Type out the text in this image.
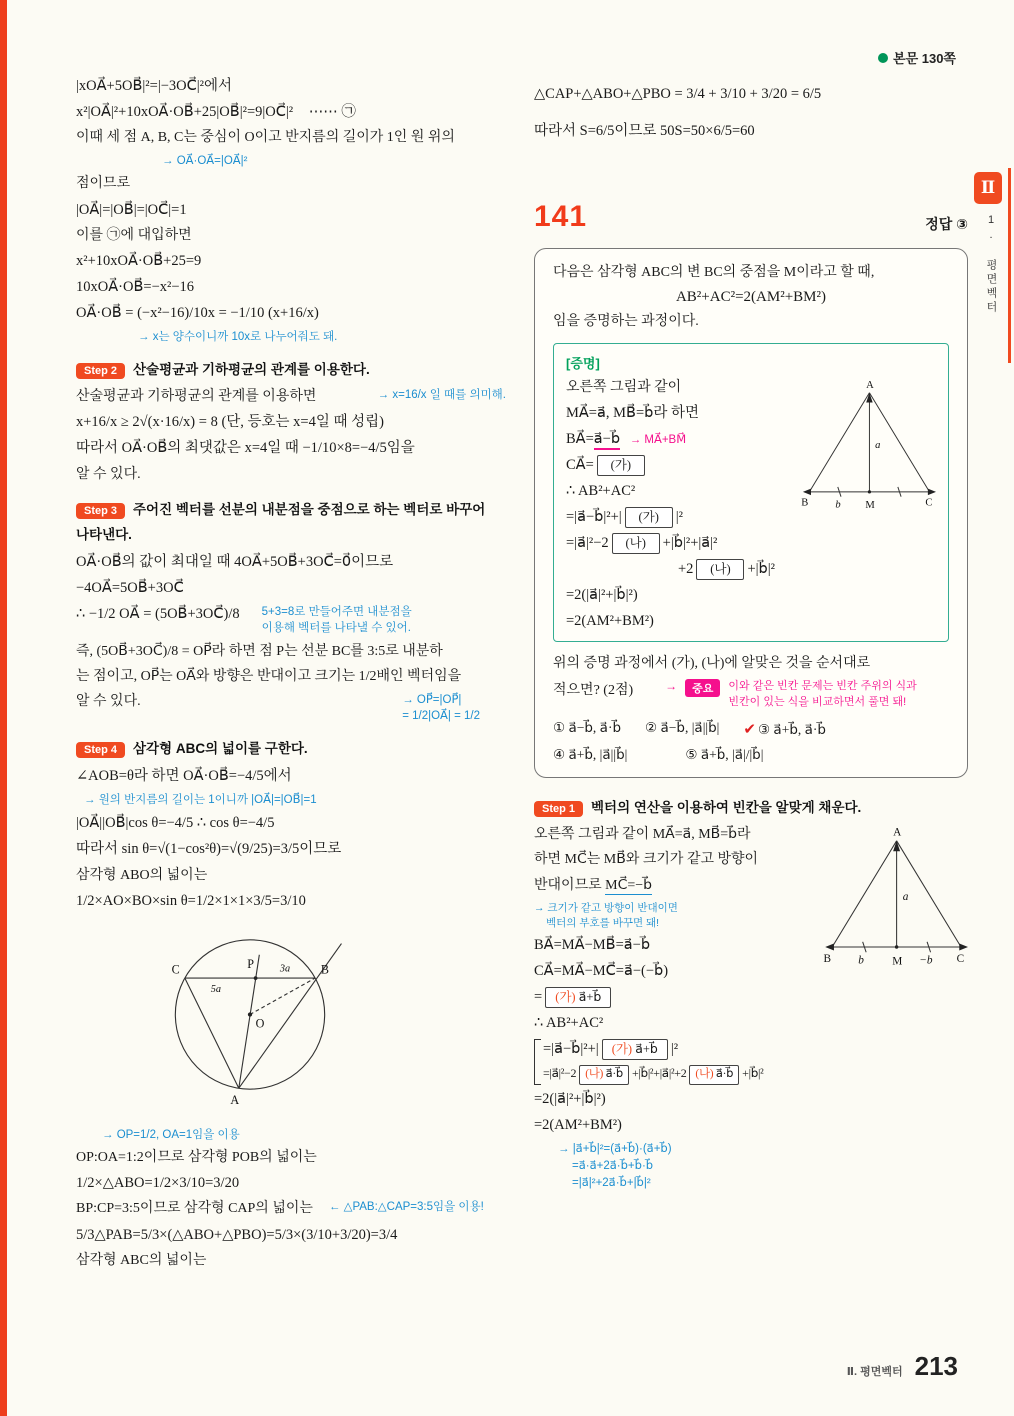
본문 130쪽
Ⅱ
1. 평면벡터
|xOA⃗+5OB⃗|²=|−3OC⃗|²에서
x²|OA⃗|²+10xOA⃗·OB⃗+25|OB⃗|²=9|OC⃗|² ⋯⋯ ㉠
이때 세 점 A, B, C는 중심이 O이고 반지름의 길이가 1인 원 위의
→ OA⃗·OA⃗=|OA⃗|²
점이므로
|OA⃗|=|OB⃗|=|OC⃗|=1
이를 ㉠에 대입하면
x²+10xOA⃗·OB⃗+25=9
10xOA⃗·OB⃗=−x²−16
OA⃗·OB⃗ = (−x²−16)/10x = −1/10 (x+16/x)
→ x는 양수이니까 10x로 나누어줘도 돼.
Step 2	산술평균과 기하평균의 관계를 이용한다.
산술평균과 기하평균의 관계를 이용하면	→ x=16/x 일 때를 의미해.
x+16/x ≥ 2√(x·16/x) = 8 (단, 등호는 x=4일 때 성립)
따라서 OA⃗·OB⃗의 최댓값은 x=4일 때 −1/10×8=−4/5임을
알 수 있다.
Step 3	주어진 벡터를 선분의 내분점을 중점으로 하는 벡터로 바꾸어
나타낸다.
OA⃗·OB⃗의 값이 최대일 때 4OA⃗+5OB⃗+3OC⃗=0⃗이므로
−4OA⃗=5OB⃗+3OC⃗
∴ −1/2 OA⃗ = (5OB⃗+3OC⃗)/8 5+3=8로 만들어주면 내분점을
이용해 벡터를 나타낼 수 있어.
즉, (5OB⃗+3OC⃗)/8 = OP⃗라 하면 점 P는 선분 BC를 3:5로 내분하
는 점이고, OP⃗는 OA⃗와 방향은 반대이고 크기는 1/2배인 벡터임을
알 수 있다.	→ OP⃗=|OP⃗|
= 1/2|OA⃗| = 1/2
Step 4	삼각형 ABC의 넓이를 구한다.
∠AOB=θ라 하면 OA⃗·OB⃗=−4/5에서
→ 원의 반지름의 길이는 1이니까 |OA⃗|=|OB⃗|=1
|OA⃗||OB⃗|cos θ=−4/5 ∴ cos θ=−4/5
따라서 sin θ=√(1−cos²θ)=√(9/25)=3/5이므로
삼각형 ABO의 넓이는
1/2×AO×BO×sin θ=1/2×1×1×3/5=3/10
C	P	B
O
A
3a
5a
→ OP=1/2, OA=1임을 이용
OP:OA=1:2이므로 삼각형 POB의 넓이는
1/2×△ABO=1/2×3/10=3/20
BP:CP=3:5이므로 삼각형 CAP의 넓이는 ← △PAB:△CAP=3:5임을 이용!
5/3△PAB=5/3×(△ABO+△PBO)=5/3×(3/10+3/20)=3/4
삼각형 ABC의 넓이는
△CAP+△ABO+△PBO = 3/4 + 3/10 + 3/20 = 6/5
따라서 S=6/5이므로 50S=50×6/5=60
141	정답 ③
다음은 삼각형 ABC의 변 BC의 중점을 M이라고 할 때,
AB²+AC²=2(AM²+BM²)
임을 증명하는 과정이다.
[증명]
A
B	C
M
a⃗
b⃗
오른쪽 그림과 같이
MA⃗=a⃗, MB⃗=b⃗라 하면
BA⃗=a⃗−b⃗ → MA⃗+BM⃗
CA⃗= (가)
∴ AB²+AC²
=|a⃗−b⃗|²+| (가) |²
=|a⃗|²−2 (나) +|b⃗|²+|a⃗|²
+2 (나) +|b⃗|²
=2(|a⃗|²+|b⃗|²)
=2(AM²+BM²)
위의 증명 과정에서 (가), (나)에 알맞은 것을 순서대로
적으면? (2점)	→	중요	이와 같은 빈칸 문제는 빈칸 주위의 식과
빈칸이 있는 식을 비교하면서 풀면 돼!
① a⃗−b⃗, a⃗·b⃗ ② a⃗−b⃗, |a⃗||b⃗| ✔ ③ a⃗+b⃗, a⃗·b⃗
④ a⃗+b⃗, |a⃗||b⃗|	⑤ a⃗+b⃗, |a⃗|/|b⃗|
Step 1	벡터의 연산을 이용하여 빈칸을 알맞게 채운다.
A
B	C
M
a⃗
b⃗	−b⃗
오른쪽 그림과 같이 MA⃗=a⃗, MB⃗=b⃗라
하면 MC⃗는 MB⃗와 크기가 같고 방향이
반대이므로 MC⃗=−b⃗
→ 크기가 같고 방향이 반대이면
벡터의 부호를 바꾸면 돼!
BA⃗=MA⃗−MB⃗=a⃗−b⃗
CA⃗=MA⃗−MC⃗=a⃗−(−b⃗)
= (가) a⃗+b⃗
∴ AB²+AC²
=|a⃗−b⃗|²+| (가) a⃗+b⃗ |²
=|a⃗|²−2 (나) a⃗·b⃗ +|b⃗|²+|a⃗|²+2 (나) a⃗·b⃗ +|b⃗|²
=2(|a⃗|²+|b⃗|²)
=2(AM²+BM²)
→ |a⃗+b⃗|²=(a⃗+b⃗)·(a⃗+b⃗)
=a⃗·a⃗+2a⃗·b⃗+b⃗·b⃗
=|a⃗|²+2a⃗·b⃗+|b⃗|²
Ⅱ. 평면벡터 213
